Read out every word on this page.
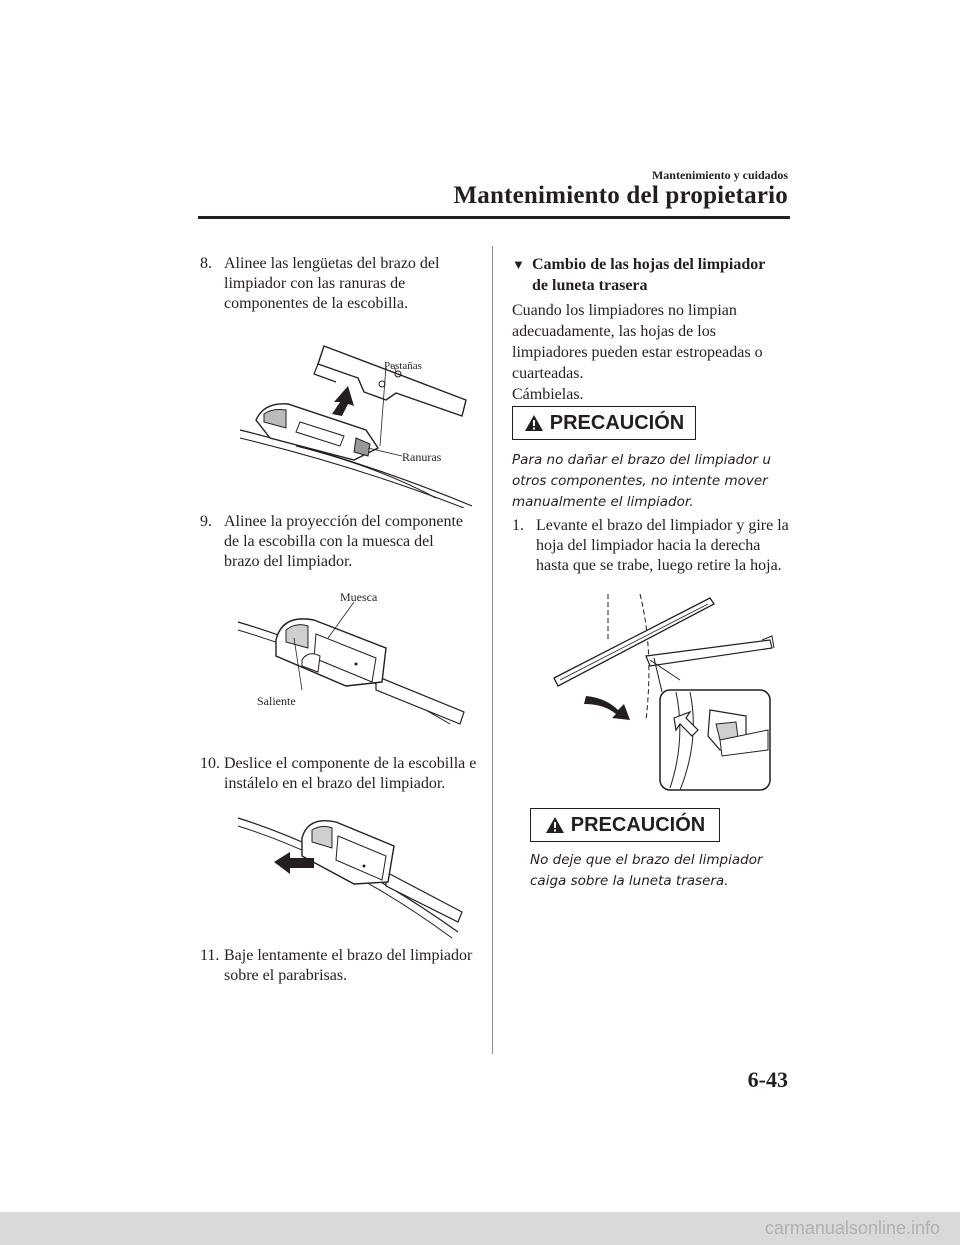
Mantenimiento y cuidados
Mantenimiento del propietario
8. Alinee las lengüetas del brazo del limpiador con las ranuras de componentes de la escobilla.
Pestañas
Ranuras
9. Alinee la proyección del componente de la escobilla con la muesca del brazo del limpiador.
Muesca
Saliente
10. Deslice el componente de la escobilla e instálelo en el brazo del limpiador.
11. Baje lentamente el brazo del limpiador sobre el parabrisas.
▼ Cambio de las hojas del limpiador
de luneta trasera
Cuando los limpiadores no limpian adecuadamente, las hojas de los limpiadores pueden estar estropeadas o cuarteadas.
Cámbielas.
PRECAUCIÓN
Para no dañar el brazo del limpiador u otros componentes, no intente mover manualmente el limpiador.
1. Levante el brazo del limpiador y gire la hoja del limpiador hacia la derecha hasta que se trabe, luego retire la hoja.
PRECAUCIÓN
No deje que el brazo del limpiador caiga sobre la luneta trasera.
6-43
carmanualsonline.info
